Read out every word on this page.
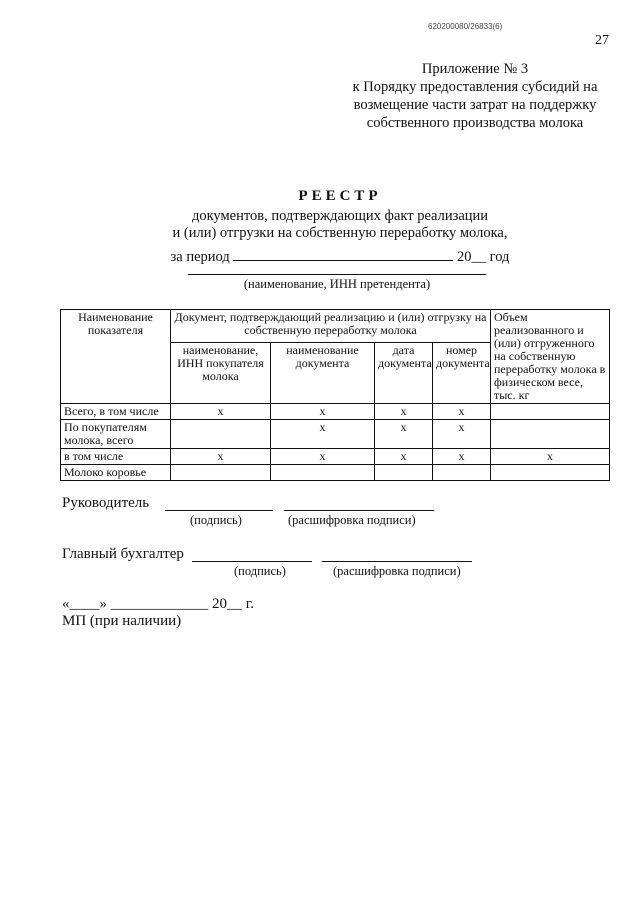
620200080/26833(6)
27
Приложение № 3
к Порядку предоставления субсидий на
возмещение части затрат на поддержку
собственного производства молока
РЕЕСТР
документов, подтверждающих факт реализации
и (или) отгрузки на собственную переработку молока,
за период	20__ год
(наименование, ИНН претендента)
Наименование показателя	Документ, подтверждающий реализацию и (или) отгрузку на собственную переработку молока				Объем реализованного и (или) отгруженного на собственную переработку молока в физическом весе, тыс. кг
	наименование, ИНН покупателя молока	наименование документа	дата документа	номер документа	
Всего, в том числе	х	х	х	х	
По покупателям молока, всего		х	х	х	
в том числе	х	х	х	х	х
Молоко коровье					
Руководитель
(подпись)	(расшифровка подписи)
Главный бухгалтер
(подпись)	(расшифровка подписи)
«____» _____________ 20__ г.
МП (при наличии)
